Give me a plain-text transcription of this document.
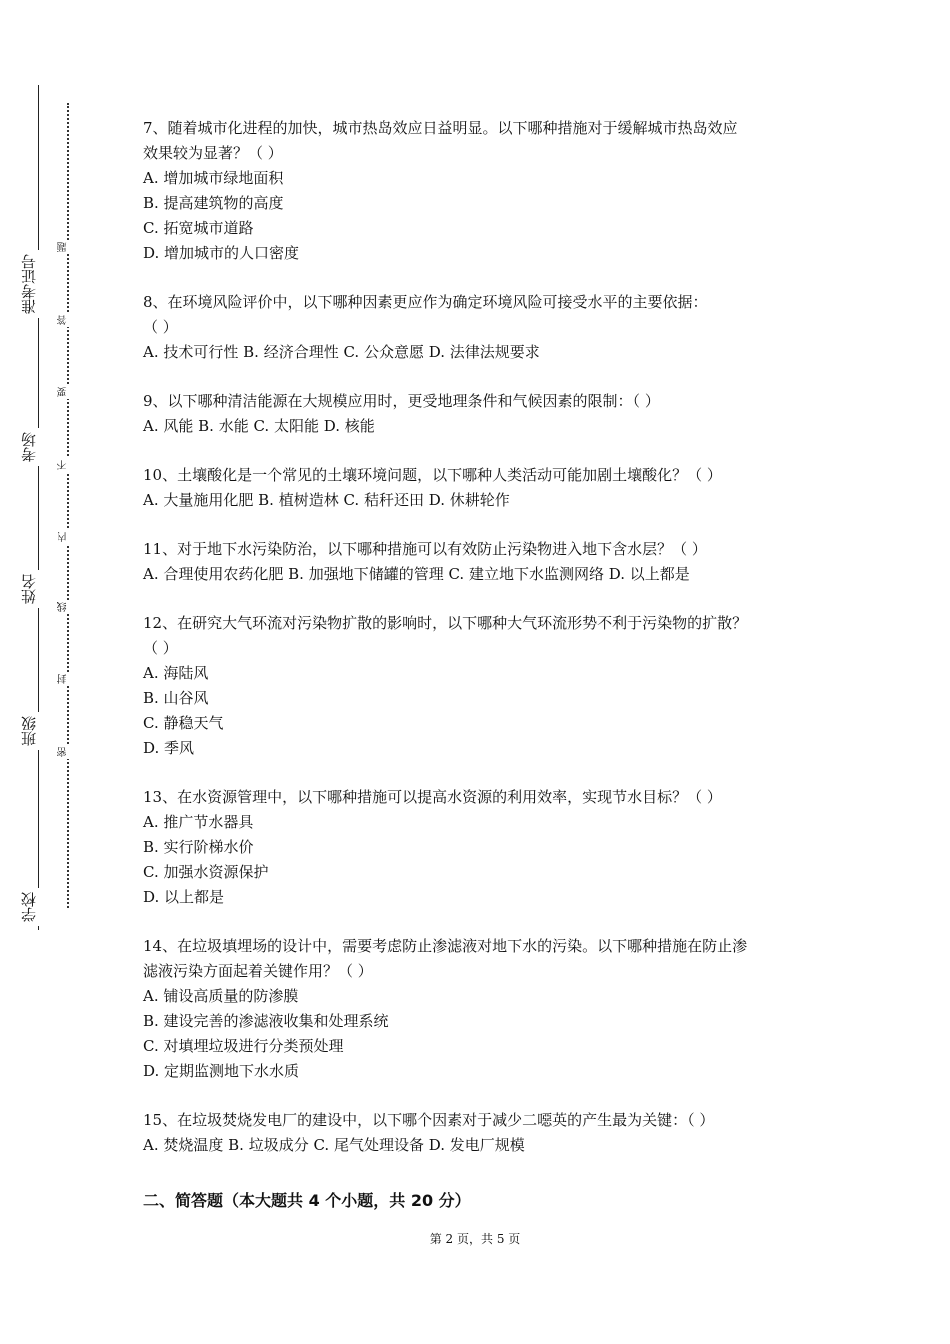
准考证号
考场
姓名
班级
学校
题
答
要
不
内
线
封
密

7、随着城市化进程的加快，城市热岛效应日益明显。以下哪种措施对于缓解城市热岛效应

效果较为显著？（ ）

A. 增加城市绿地面积

B. 提高建筑物的高度

C. 拓宽城市道路

D. 增加城市的人口密度

8、在环境风险评价中，以下哪种因素更应作为确定环境风险可接受水平的主要依据：

（ ）

A. 技术可行性 B. 经济合理性 C. 公众意愿 D. 法律法规要求

9、以下哪种清洁能源在大规模应用时，更受地理条件和气候因素的限制：（ ）

A. 风能 B. 水能 C. 太阳能 D. 核能

10、土壤酸化是一个常见的土壤环境问题，以下哪种人类活动可能加剧土壤酸化？（ ）

A. 大量施用化肥 B. 植树造林 C. 秸秆还田 D. 休耕轮作

11、对于地下水污染防治，以下哪种措施可以有效防止污染物进入地下含水层？（ ）

A. 合理使用农药化肥 B. 加强地下储罐的管理 C. 建立地下水监测网络 D. 以上都是

12、在研究大气环流对污染物扩散的影响时，以下哪种大气环流形势不利于污染物的扩散？

（ ）

A. 海陆风

B. 山谷风

C. 静稳天气

D. 季风

13、在水资源管理中，以下哪种措施可以提高水资源的利用效率，实现节水目标？（ ）

A. 推广节水器具

B. 实行阶梯水价

C. 加强水资源保护

D. 以上都是

14、在垃圾填埋场的设计中，需要考虑防止渗滤液对地下水的污染。以下哪种措施在防止渗

滤液污染方面起着关键作用？（ ）

A. 铺设高质量的防渗膜

B. 建设完善的渗滤液收集和处理系统

C. 对填埋垃圾进行分类预处理

D. 定期监测地下水水质

15、在垃圾焚烧发电厂的建设中，以下哪个因素对于减少二噁英的产生最为关键：（ ）

A. 焚烧温度 B. 垃圾成分 C. 尾气处理设备 D. 发电厂规模

二、简答题（本大题共 4 个小题，共 20 分）
第 2 页，共 5 页
